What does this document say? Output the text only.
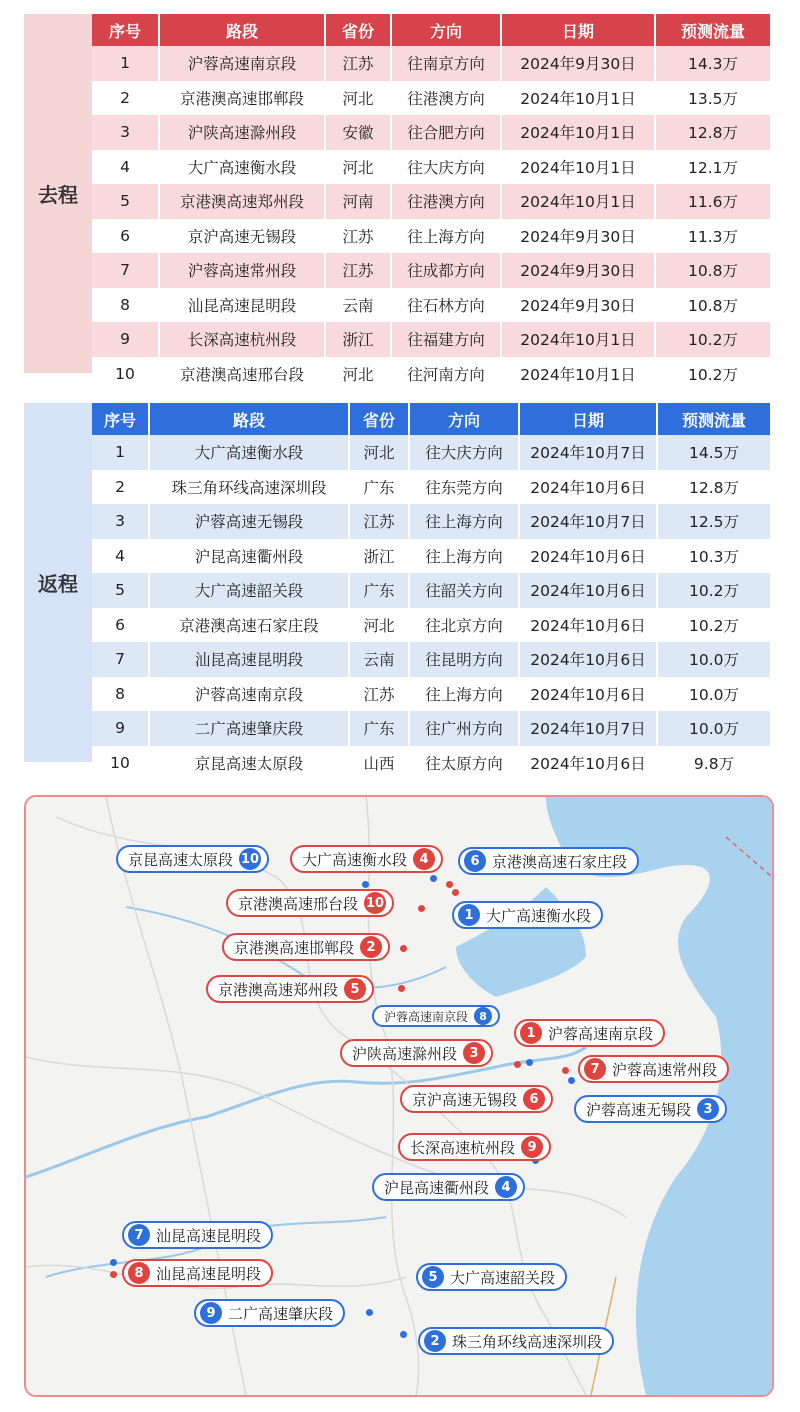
去程
序号	路段	省份	方向	日期	预测流量
1	沪蓉高速南京段	江苏	往南京方向	2024年9月30日	14.3万
2	京港澳高速邯郸段	河北	往港澳方向	2024年10月1日	13.5万
3	沪陕高速滁州段	安徽	往合肥方向	2024年10月1日	12.8万
4	大广高速衡水段	河北	往大庆方向	2024年10月1日	12.1万
5	京港澳高速郑州段	河南	往港澳方向	2024年10月1日	11.6万
6	京沪高速无锡段	江苏	往上海方向	2024年9月30日	11.3万
7	沪蓉高速常州段	江苏	往成都方向	2024年9月30日	10.8万
8	汕昆高速昆明段	云南	往石林方向	2024年9月30日	10.8万
9	长深高速杭州段	浙江	往福建方向	2024年10月1日	10.2万
10	京港澳高速邢台段	河北	往河南方向	2024年10月1日	10.2万
返程
序号	路段	省份	方向	日期	预测流量
1	大广高速衡水段	河北	往大庆方向	2024年10月7日	14.5万
2	珠三角环线高速深圳段	广东	往东莞方向	2024年10月6日	12.8万
3	沪蓉高速无锡段	江苏	往上海方向	2024年10月7日	12.5万
4	沪昆高速衢州段	浙江	往上海方向	2024年10月6日	10.3万
5	大广高速韶关段	广东	往韶关方向	2024年10月6日	10.2万
6	京港澳高速石家庄段	河北	往北京方向	2024年10月6日	10.2万
7	汕昆高速昆明段	云南	往昆明方向	2024年10月6日	10.0万
8	沪蓉高速南京段	江苏	往上海方向	2024年10月6日	10.0万
9	二广高速肇庆段	广东	往广州方向	2024年10月7日	10.0万
10	京昆高速太原段	山西	往太原方向	2024年10月6日	9.8万
京昆高速太原段 10	大广高速衡水段 4	6 京港澳高速石家庄段
京港澳高速邢台段 10
1 大广高速衡水段
京港澳高速邯郸段 2
京港澳高速郑州段 5
沪蓉高速南京段	8
1 沪蓉高速南京段
沪陕高速滁州段 3
7 沪蓉高速常州段
京沪高速无锡段 6
沪蓉高速无锡段 3
长深高速杭州段 9
沪昆高速衢州段 4
7 汕昆高速昆明段
8 汕昆高速昆明段	5 大广高速韶关段
9 二广高速肇庆段
2 珠三角环线高速深圳段
